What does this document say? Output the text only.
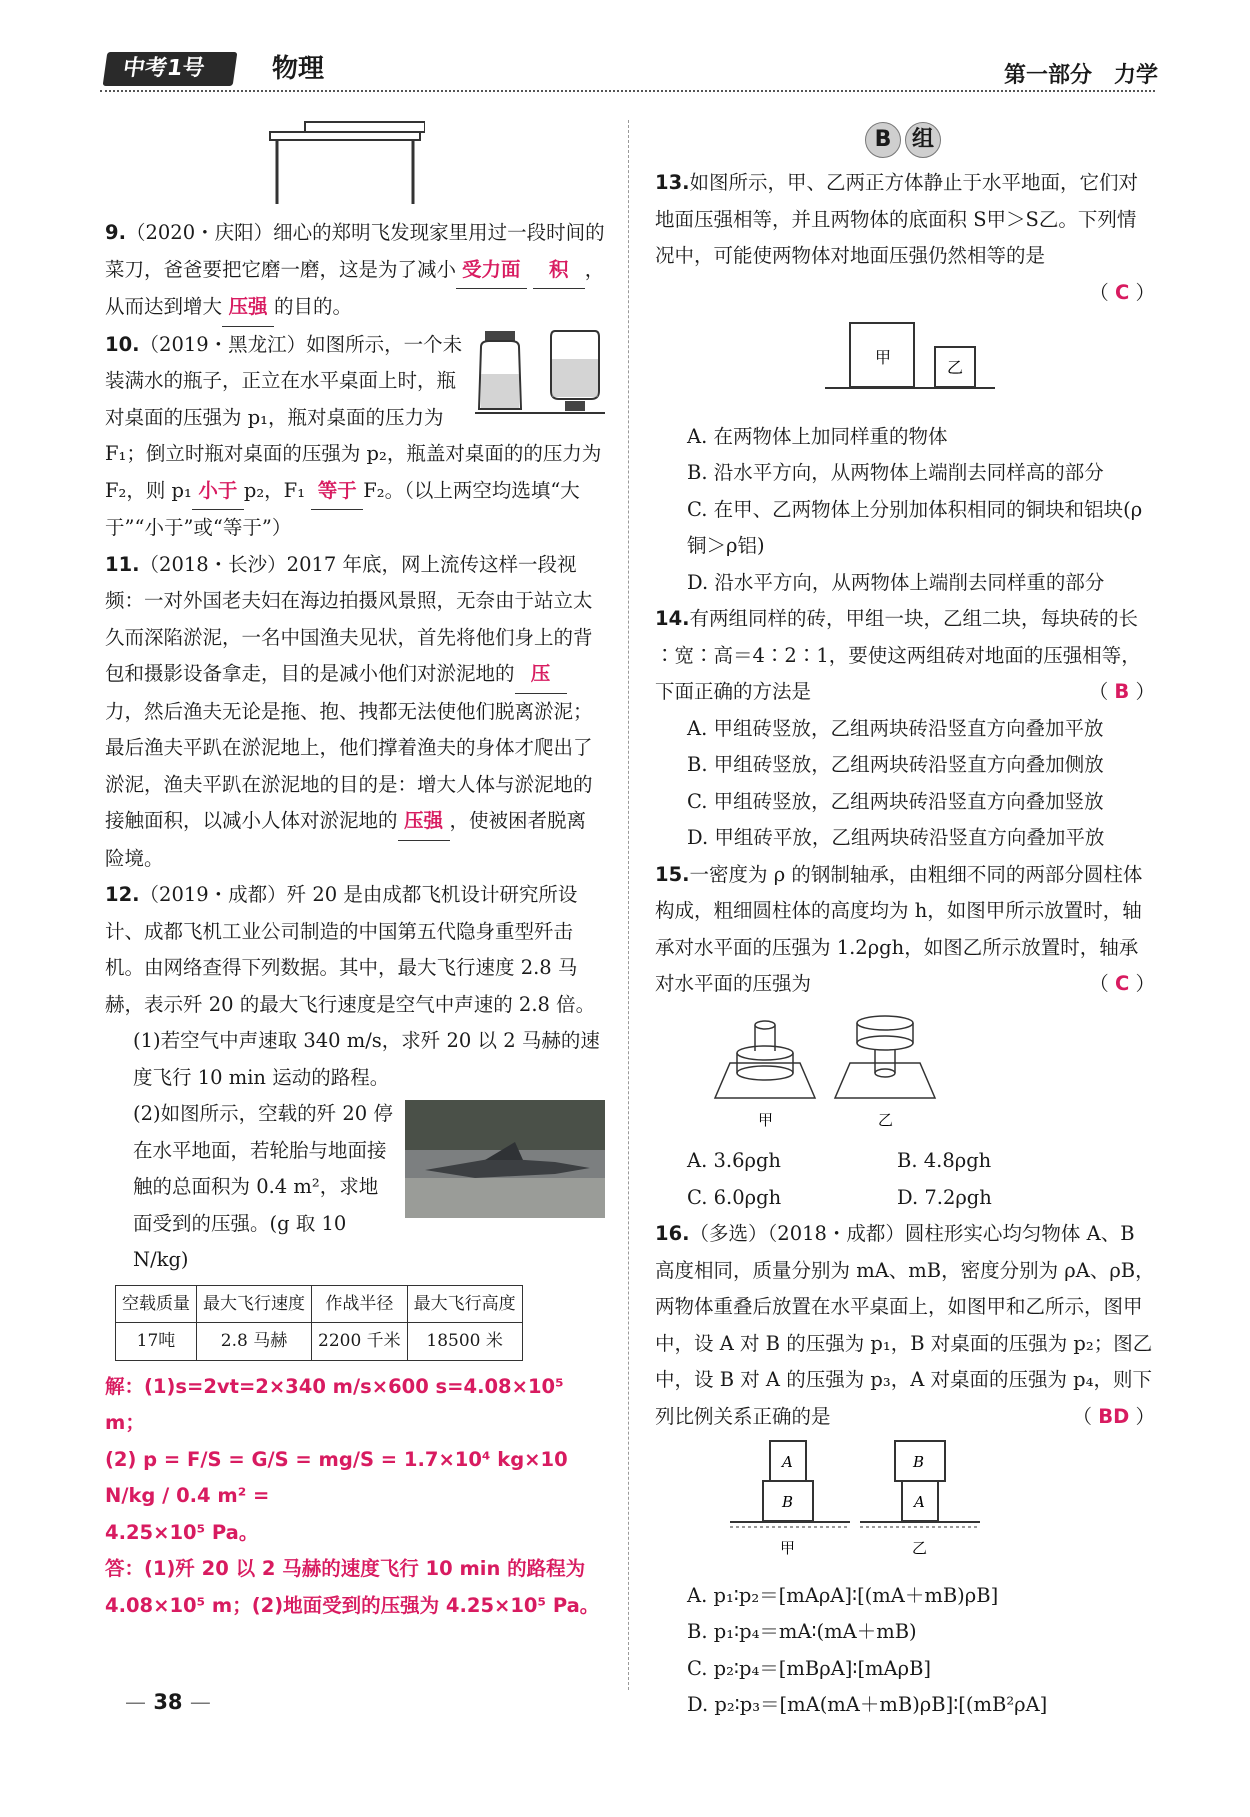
中考1号	物理	第一部分　力学

9.（2020・庆阳）细心的郑明飞发现家里用过一段时间的菜刀，爸爸要把它磨一磨，这是为了减小 受力面 积 ，从而达到增大 压强 的目的。

10.（2019・黑龙江）如图所示，一个未装满水的瓶子，正立在水平桌面上时，瓶对桌面的压强为 p₁，瓶对桌面的压力为 F₁；倒立时瓶对桌面的压强为 p₂，瓶盖对桌面的的压力为 F₂，则 p₁ 小于 p₂，F₁ 等于 F₂。（以上两空均选填“大于”“小于”或“等于”）

11.（2018・长沙）2017 年底，网上流传这样一段视频：一对外国老夫妇在海边拍摄风景照，无奈由于站立太久而深陷淤泥，一名中国渔夫见状，首先将他们身上的背包和摄影设备拿走，目的是减小他们对淤泥地的 压力，然后渔夫无论是拖、抱、拽都无法使他们脱离淤泥；最后渔夫平趴在淤泥地上，他们撑着渔夫的身体才爬出了淤泥，渔夫平趴在淤泥地的目的是：增大人体与淤泥地的接触面积，以减小人体对淤泥地的 压强 ，使被困者脱离险境。

12.（2019・成都）歼 20 是由成都飞机设计研究所设计、成都飞机工业公司制造的中国第五代隐身重型歼击机。由网络查得下列数据。其中，最大飞行速度 2.8 马赫，表示歼 20 的最大飞行速度是空气中声速的 2.8 倍。

(1)若空气中声速取 340 m/s，求歼 20 以 2 马赫的速度飞行 10 min 运动的路程。

(2)如图所示，空载的歼 20 停在水平地面，若轮胎与地面接触的总面积为 0.4 m²，求地面受到的压强。(g 取 10 N/kg)

空载质量	最大飞行速度	作战半径	最大飞行高度
17吨	2.8 马赫	2200 千米	18500 米

解：(1)s=2vt=2×340 m/s×600 s=4.08×10⁵ m；

(2) p = F/S = G/S = mg/S = 1.7×10⁴ kg×10 N/kg / 0.4 m² =

4.25×10⁵ Pa。

答：(1)歼 20 以 2 马赫的速度飞行 10 min 的路程为 4.08×10⁵ m；(2)地面受到的压强为 4.25×10⁵ Pa。

B 组

13.如图所示，甲、乙两正方体静止于水平地面，它们对地面压强相等，并且两物体的底面积 S甲＞S乙。下列情况中，可能使两物体对地面压强仍然相等的是

（ C ）

甲
乙

A. 在两物体上加同样重的物体

B. 沿水平方向，从两物体上端削去同样高的部分

C. 在甲、乙两物体上分别加体积相同的铜块和铝块(ρ铜＞ρ铝)

D. 沿水平方向，从两物体上端削去同样重的部分

14.有两组同样的砖，甲组一块，乙组二块，每块砖的长∶宽∶高＝4∶2∶1，要使这两组砖对地面的压强相等，下面正确的方法是	（ B ）

A. 甲组砖竖放，乙组两块砖沿竖直方向叠加平放

B. 甲组砖竖放，乙组两块砖沿竖直方向叠加侧放

C. 甲组砖竖放，乙组两块砖沿竖直方向叠加竖放

D. 甲组砖平放，乙组两块砖沿竖直方向叠加平放

15.一密度为 ρ 的钢制轴承，由粗细不同的两部分圆柱体构成，粗细圆柱体的高度均为 h，如图甲所示放置时，轴承对水平面的压强为 1.2ρgh，如图乙所示放置时，轴承对水平面的压强为	（ C ）

甲	乙
A. 3.6ρgh	B. 4.8ρgh
C. 6.0ρgh	D. 7.2ρgh

16.（多选）（2018・成都）圆柱形实心均匀物体 A、B 高度相同，质量分别为 mA、mB，密度分别为 ρA、ρB，两物体重叠后放置在水平桌面上，如图甲和乙所示，图甲中，设 A 对 B 的压强为 p₁，B 对桌面的压强为 p₂；图乙中，设 B 对 A 的压强为 p₃，A 对桌面的压强为 p₄，则下列比例关系正确的是	（ BD ）

A
B
B
A
甲	乙

A. p₁∶p₂＝[mAρA]∶[(mA＋mB)ρB]

B. p₁∶p₄＝mA∶(mA＋mB)

C. p₂∶p₄＝[mBρA]∶[mAρB]

D. p₂∶p₃＝[mA(mA＋mB)ρB]∶[(mB²ρA]

— 38 —
